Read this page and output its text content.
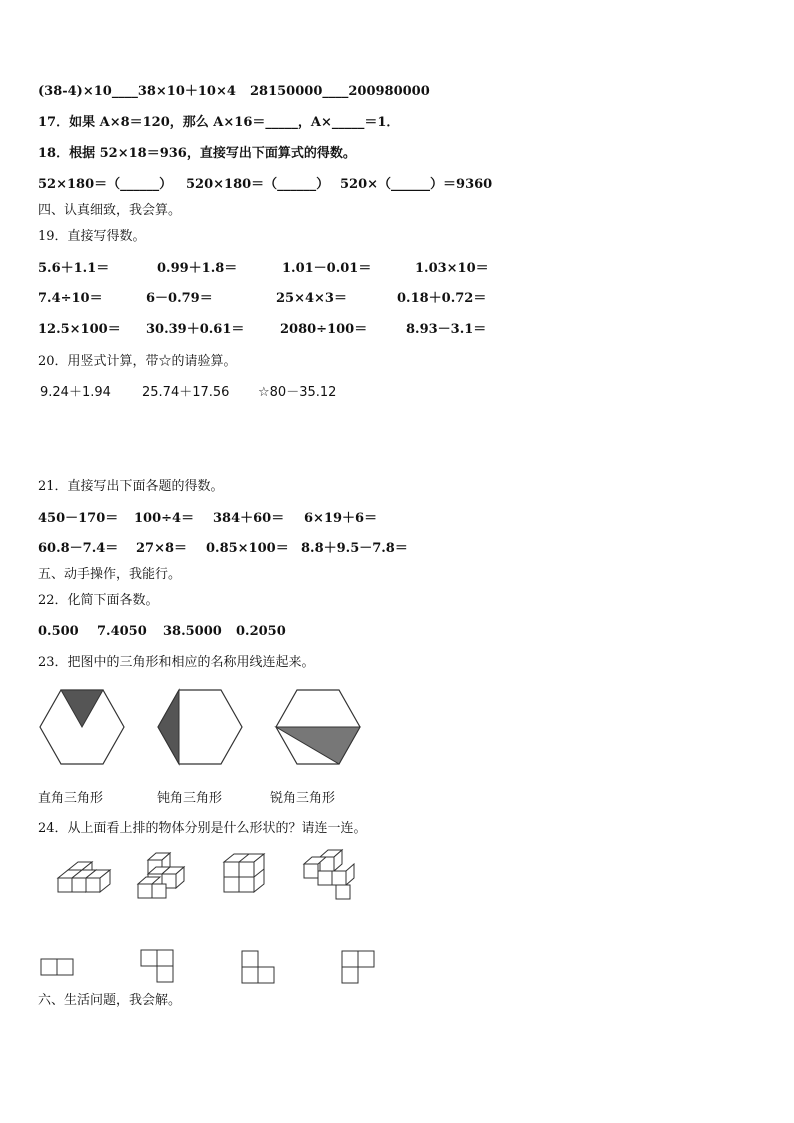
(38-4)×10____38×10＋10×4 28150000____200980000
17．如果 A×8＝120，那么 A×16＝_____，A×_____＝1．
18．根据 52×18＝936，直接写出下面算式的得数。
52×180＝（______） 520×180＝（______） 520×（______）＝9360
四、认真细致，我会算。
19．直接写得数。
5.6＋1.1＝	0.99＋1.8＝	1.01－0.01＝	1.03×10＝
7.4÷10＝	6－0.79＝	25×4×3＝	0.18＋0.72＝
12.5×100＝ 30.39＋0.61＝	2080÷100＝	8.93－3.1＝
20．用竖式计算，带☆的请验算。
9.24＋1.94 25.74＋17.56 ☆80－35.12
21．直接写出下面各题的得数。
450－170＝ 100÷4＝ 384＋60＝ 6×19＋6＝
60.8－7.4＝ 27×8＝ 0.85×100＝ 8.8＋9.5－7.8＝
五、动手操作，我能行。
22．化简下面各数。
0.500 7.4050 38.5000 0.2050
23．把图中的三角形和相应的名称用线连起来。
直角三角形	钝角三角形	锐角三角形
24．从上面看上排的物体分别是什么形状的？请连一连。
六、生活问题，我会解。
